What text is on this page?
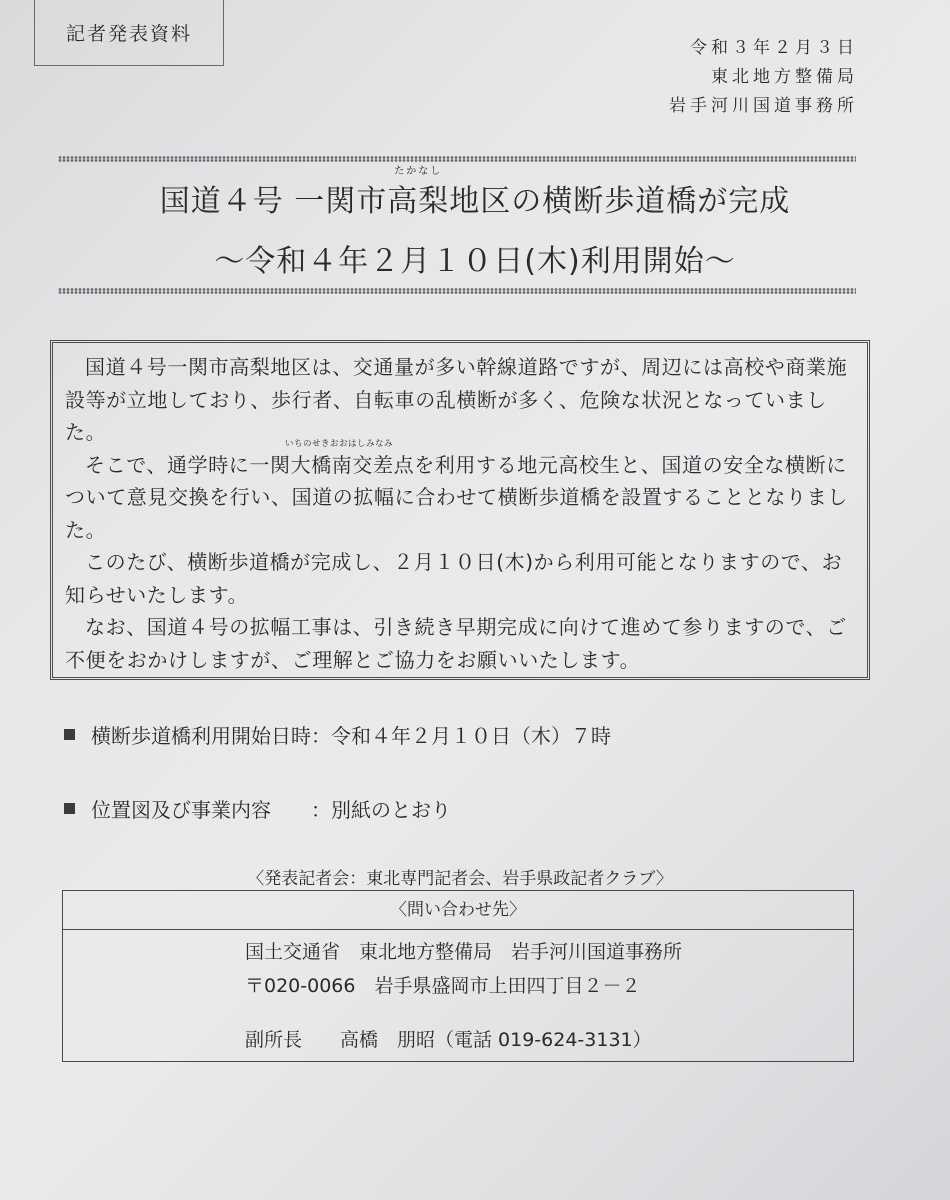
記者発表資料
令和３年２月３日
東北地方整備局
岩手河川国道事務所
国道４号 一関市
たかなし
高梨地区の横断歩道橋が完成
～令和４年２月１０日(木)利用開始～
いちのせきおおはしみなみ

国道４号一関市高梨地区は、交通量が多い幹線道路ですが、周辺には高校や商業施設等が立地しており、歩行者、自転車の乱横断が多く、危険な状況となっていました。

そこで、通学時に一関大橋南交差点を利用する地元高校生と、国道の安全な横断について意見交換を行い、国道の拡幅に合わせて横断歩道橋を設置することとなりました。

このたび、横断歩道橋が完成し、２月１０日(木)から利用可能となりますので、お知らせいたします。

なお、国道４号の拡幅工事は、引き続き早期完成に向けて進めて参りますので、ご不便をおかけしますが、ご理解とご協力をお願いいたします。

横断歩道橋利用開始日時：令和４年２月１０日（木）７時
位置図及び事業内容　　：別紙のとおり
〈発表記者会：東北専門記者会、岩手県政記者クラブ〉
〈問い合わせ先〉
国土交通省　東北地方整備局　岩手河川国道事務所
〒020-0066　岩手県盛岡市上田四丁目２－２
副所長　　高橋　朋昭（電話 019-624-3131）
